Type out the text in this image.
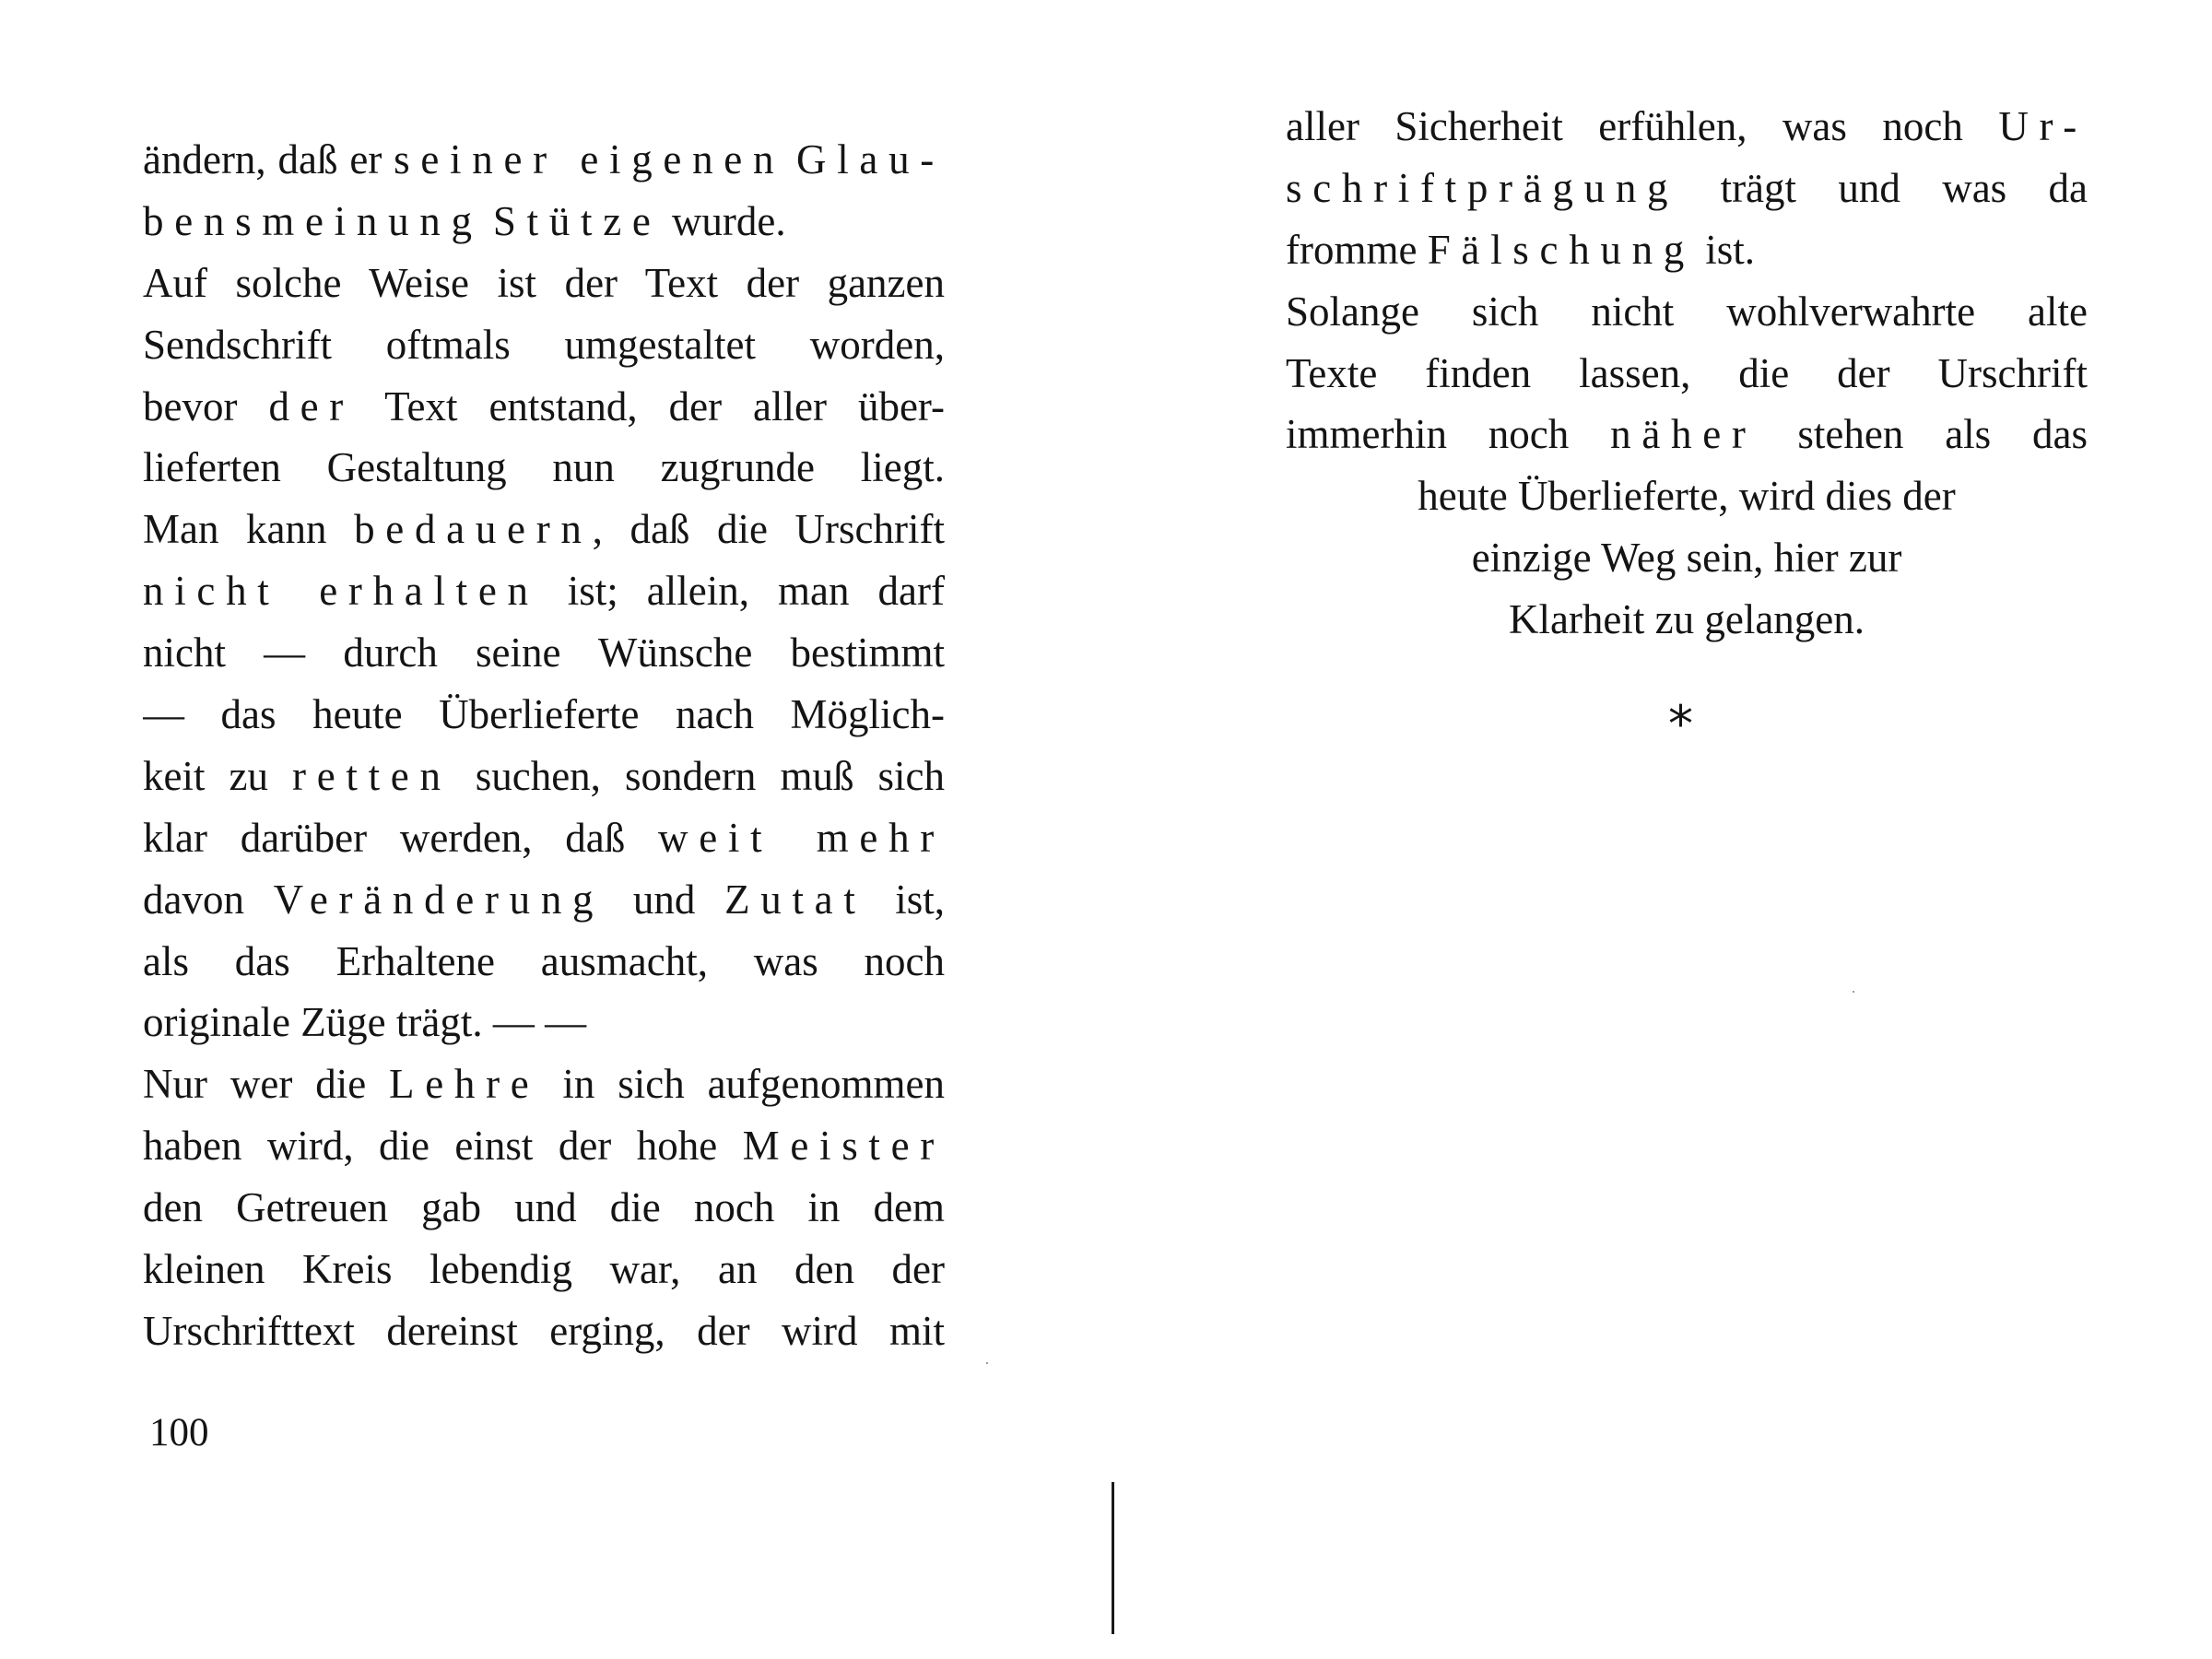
ändern, daß er seiner eigenen Glau-
bensmeinung Stütze wurde.
Auf solche Weise ist der Text der ganzen
Sendschrift oftmals umgestaltet worden,
bevor der Text entstand, der aller über-
lieferten Gestaltung nun zugrunde liegt.
Man kann bedauern, daß die Urschrift
nicht erhalten ist; allein, man darf
nicht — durch seine Wünsche bestimmt
— das heute Überlieferte nach Möglich-
keit zu retten suchen, sondern muß sich
klar darüber werden, daß weit mehr
davon Veränderung und Zutat ist,
als das Erhaltene ausmacht, was noch
originale Züge trägt. — —
Nur wer die Lehre in sich aufgenommen
haben wird, die einst der hohe Meister
den Getreuen gab und die noch in dem
kleinen Kreis lebendig war, an den der
Urschrifttext dereinst erging, der wird mit
100
aller Sicherheit erfühlen, was noch Ur-
schriftprägung trägt und was da
fromme Fälschung ist.
Solange sich nicht wohlverwahrte alte
Texte finden lassen, die der Urschrift
immerhin noch näher stehen als das
heute Überlieferte, wird dies der
einzige Weg sein, hier zur
Klarheit zu gelangen.
*
